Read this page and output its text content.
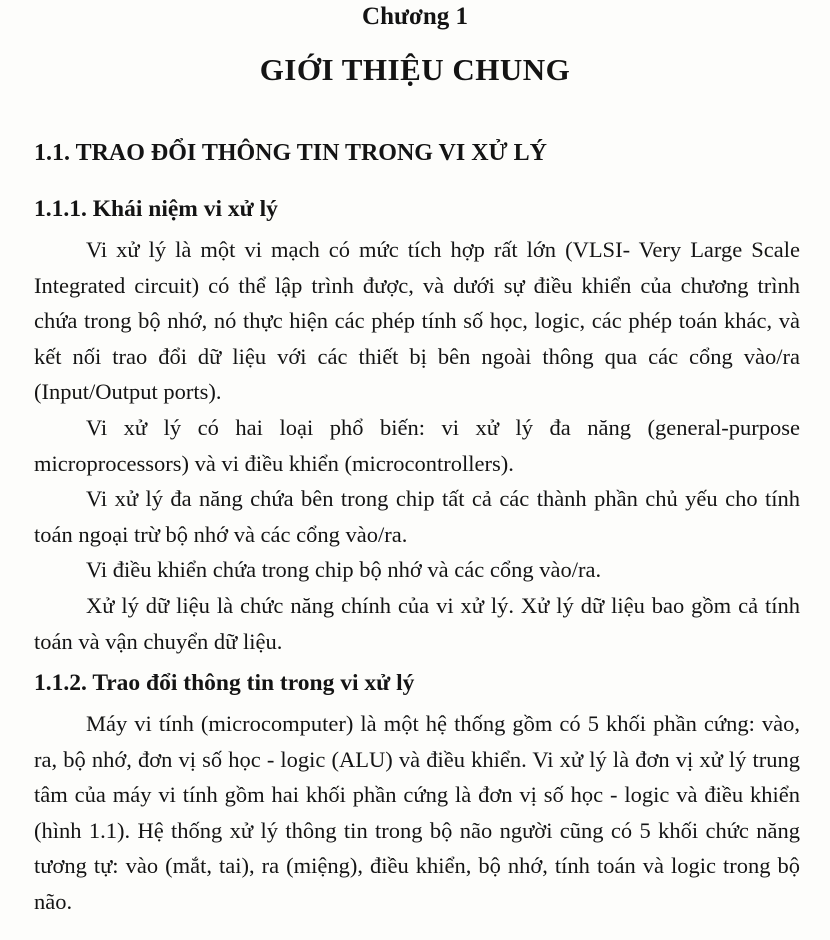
Chương 1
GIỚI THIỆU CHUNG
1.1. TRAO ĐỔI THÔNG TIN TRONG VI XỬ LÝ
1.1.1. Khái niệm vi xử lý

Vi xử lý là một vi mạch có mức tích hợp rất lớn (VLSI- Very Large Scale Integrated circuit) có thể lập trình được, và dưới sự điều khiển của chương trình chứa trong bộ nhớ, nó thực hiện các phép tính số học, logic, các phép toán khác, và kết nối trao đổi dữ liệu với các thiết bị bên ngoài thông qua các cổng vào/ra (Input/Output ports).

Vi xử lý có hai loại phổ biến: vi xử lý đa năng (general-purpose microprocessors) và vi điều khiển (microcontrollers).

Vi xử lý đa năng chứa bên trong chip tất cả các thành phần chủ yếu cho tính toán ngoại trừ bộ nhớ và các cổng vào/ra.

Vi điều khiển chứa trong chip bộ nhớ và các cổng vào/ra.

Xử lý dữ liệu là chức năng chính của vi xử lý. Xử lý dữ liệu bao gồm cả tính toán và vận chuyển dữ liệu.

1.1.2. Trao đổi thông tin trong vi xử lý

Máy vi tính (microcomputer) là một hệ thống gồm có 5 khối phần cứng: vào, ra, bộ nhớ, đơn vị số học - logic (ALU) và điều khiển. Vi xử lý là đơn vị xử lý trung tâm của máy vi tính gồm hai khối phần cứng là đơn vị số học - logic và điều khiển (hình 1.1). Hệ thống xử lý thông tin trong bộ não người cũng có 5 khối chức năng tương tự: vào (mắt, tai), ra (miệng), điều khiển, bộ nhớ, tính toán và logic trong bộ não.
